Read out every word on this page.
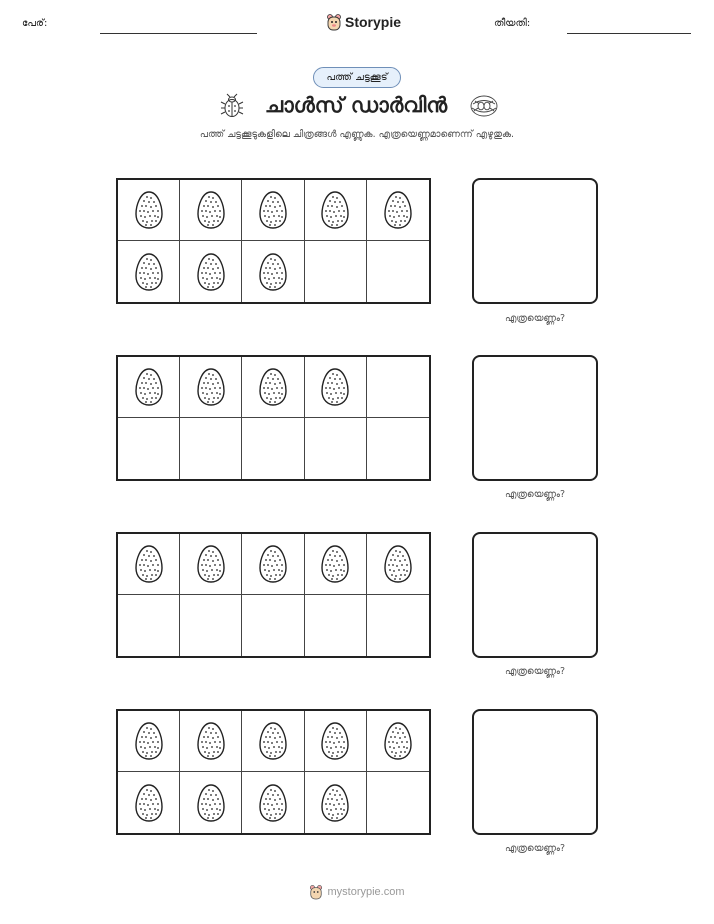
പേര്:	Storypie	തീയതി:
പത്ത് ചട്ടക്കൂട്
ചാൾസ് ഡാർവിൻ
പത്ത് ചട്ടക്കൂടുകളിലെ ചിത്രങ്ങൾ എണ്ണുക. എത്രയെണ്ണമാണെന്ന് എഴുതുക.
എത്രയെണ്ണം?
എത്രയെണ്ണം?
എത്രയെണ്ണം?
എത്രയെണ്ണം?
mystorypie.com
